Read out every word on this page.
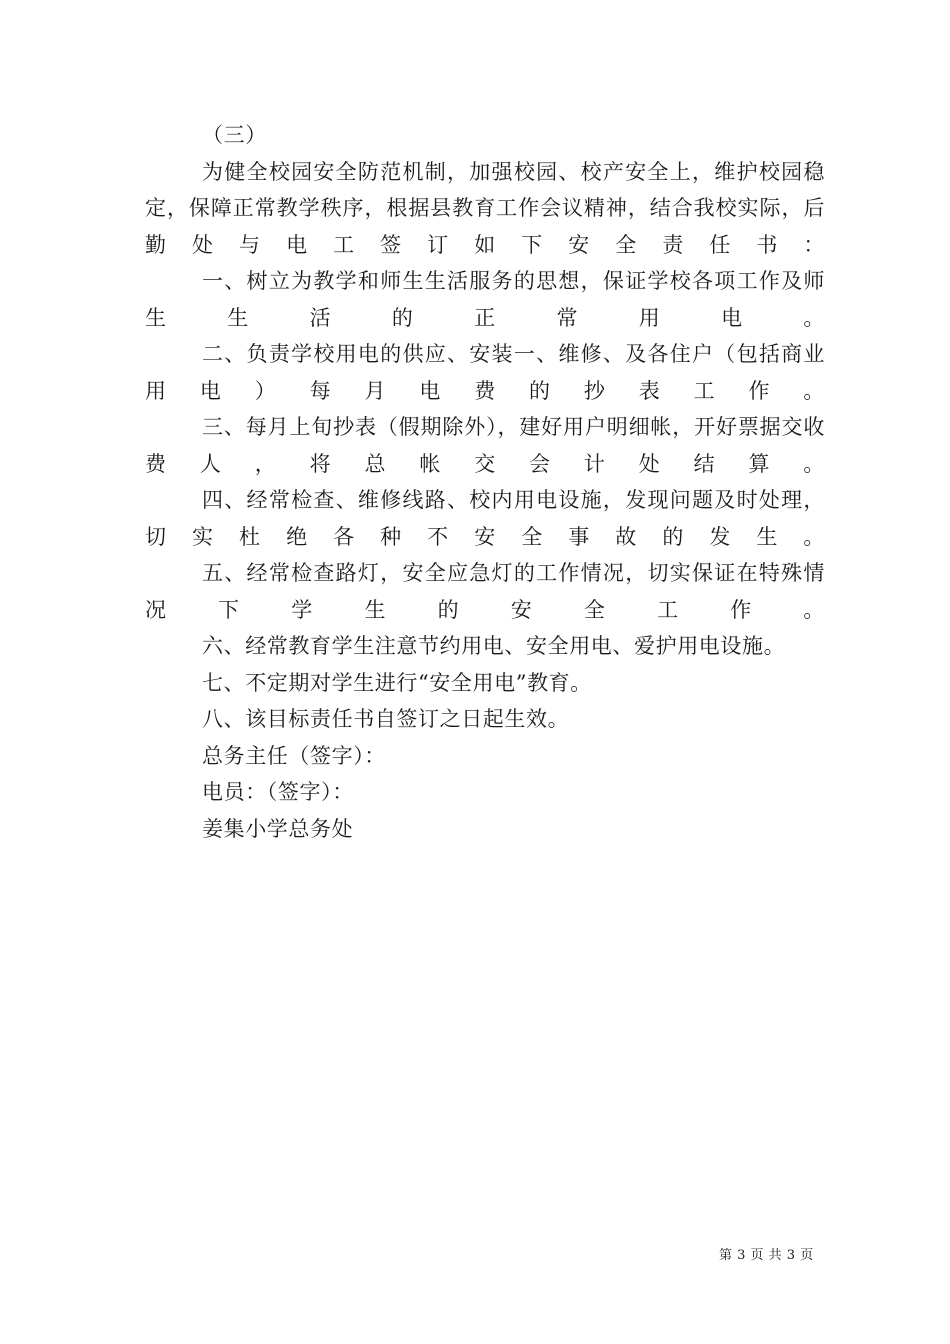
（三）

为健全校园安全防范机制，加强校园、校产安全上，维护校园稳定，保障正常教学秩序，根据县教育工作会议精神，结合我校实际，后勤处与电工签订如下安全责任书：

一、树立为教学和师生生活服务的思想，保证学校各项工作及师生生活的正常用电。

二、负责学校用电的供应、安装一、维修、及各住户（包括商业用电）每月电费的抄表工作。

三、每月上旬抄表（假期除外），建好用户明细帐，开好票据交收费人，将总帐交会计处结算。

四、经常检查、维修线路、校内用电设施，发现问题及时处理，切实杜绝各种不安全事故的发生。

五、经常检查路灯，安全应急灯的工作情况，切实保证在特殊情况下学生的安全工作。

六、经常教育学生注意节约用电、安全用电、爱护用电设施。

七、不定期对学生进行“安全用电”教育。

八、该目标责任书自签订之日起生效。

总务主任（签字）：

电员：（签字）：

姜集小学总务处

第 3 页 共 3 页
